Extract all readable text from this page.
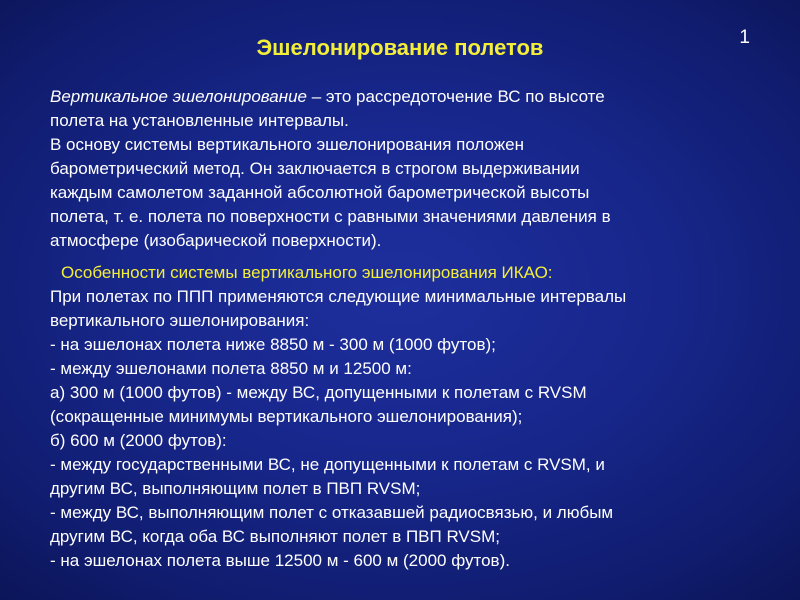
1
Эшелонирование полетов
Вертикальное эшелонирование – это рассредоточение ВС по высоте
полета на установленные интервалы.
В основу системы вертикального эшелонирования положен
барометрический метод. Он заключается в строгом выдерживании
каждым самолетом заданной абсолютной барометрической высоты
полета, т. е. полета по поверхности с равными значениями давления в
атмосфере (изобарической поверхности).
Особенности системы вертикального эшелонирования ИКАО:
При полетах по ППП применяются следующие минимальные интервалы
вертикального эшелонирования:
- на эшелонах полета ниже 8850 м - 300 м (1000 футов);
- между эшелонами полета 8850 м и 12500 м:
а) 300 м (1000 футов) - между ВС, допущенными к полетам с RVSM
(сокращенные минимумы вертикального эшелонирования);
б) 600 м (2000 футов):
- между государственными ВС, не допущенными к полетам с RVSM, и
другим ВС, выполняющим полет в ПВП RVSM;
- между ВС, выполняющим полет с отказавшей радиосвязью, и любым
другим ВС, когда оба ВС выполняют полет в ПВП RVSM;
- на эшелонах полета выше 12500 м - 600 м (2000 футов).
